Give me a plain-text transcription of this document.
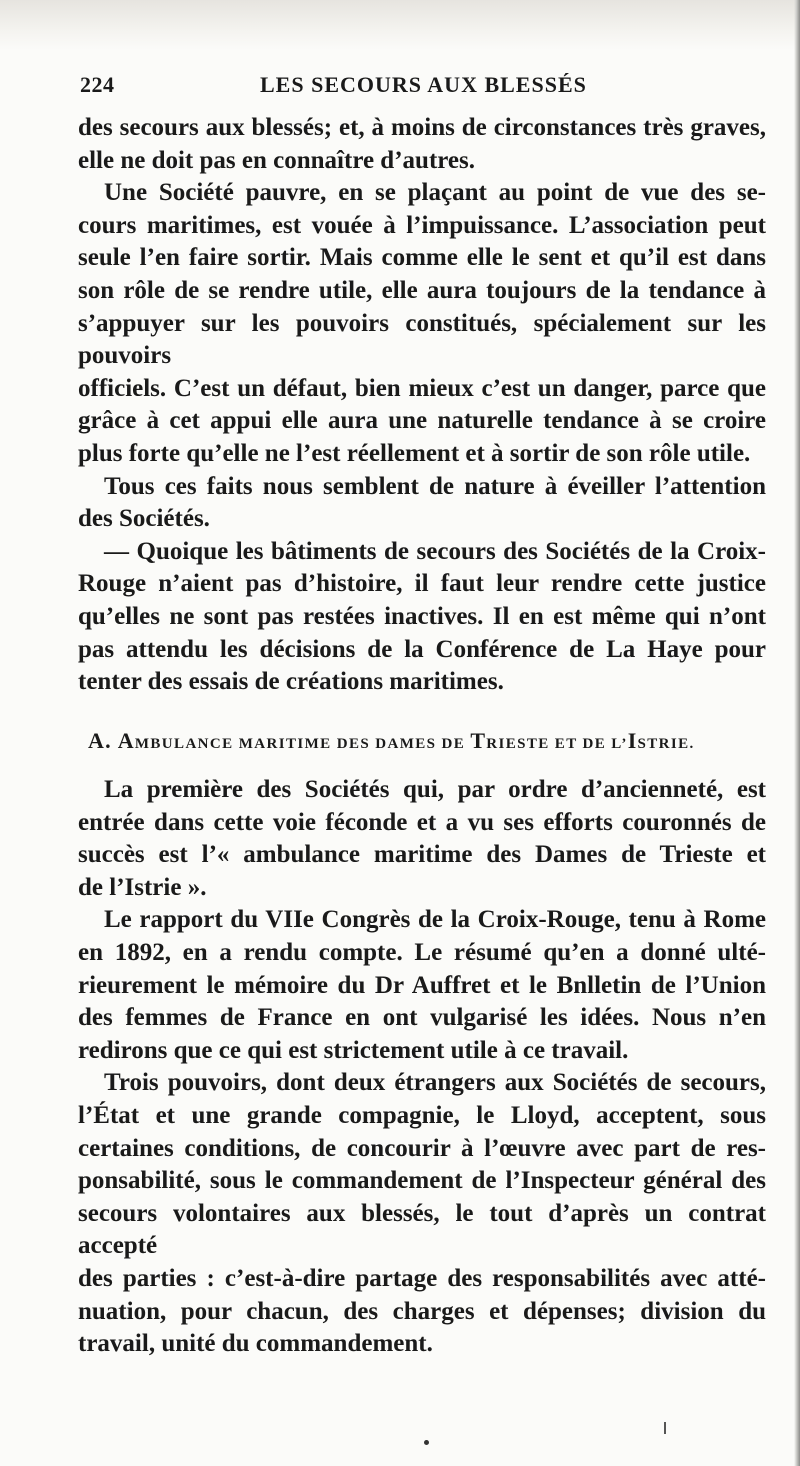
224	LES SECOURS AUX BLESSÉS

des secours aux blessés; et, à moins de circonstances très graves,
elle ne doit pas en connaître d’autres.

Une Société pauvre, en se plaçant au point de vue des se-
cours maritimes, est vouée à l’impuissance. L’association peut
seule l’en faire sortir. Mais comme elle le sent et qu’il est dans
son rôle de se rendre utile, elle aura toujours de la tendance à
s’appuyer sur les pouvoirs constitués, spécialement sur les pouvoirs
officiels. C’est un défaut, bien mieux c’est un danger, parce que
grâce à cet appui elle aura une naturelle tendance à se croire
plus forte qu’elle ne l’est réellement et à sortir de son rôle utile.

Tous ces faits nous semblent de nature à éveiller l’attention
des Sociétés.

— Quoique les bâtiments de secours des Sociétés de la Croix-
Rouge n’aient pas d’histoire, il faut leur rendre cette justice
qu’elles ne sont pas restées inactives. Il en est même qui n’ont
pas attendu les décisions de la Conférence de La Haye pour
tenter des essais de créations maritimes.

A. AMBULANCE MARITIME DES DAMES DE TRIESTE ET DE L’ISTRIE.

La première des Sociétés qui, par ordre d’ancienneté, est
entrée dans cette voie féconde et a vu ses efforts couronnés de
succès est l’« ambulance maritime des Dames de Trieste et
de l’Istrie ».

Le rapport du VIIe Congrès de la Croix-Rouge, tenu à Rome
en 1892, en a rendu compte. Le résumé qu’en a donné ulté-
rieurement le mémoire du Dr Auffret et le Bnlletin de l’Union
des femmes de France en ont vulgarisé les idées. Nous n’en
redirons que ce qui est strictement utile à ce travail.

Trois pouvoirs, dont deux étrangers aux Sociétés de secours,
l’État et une grande compagnie, le Lloyd, acceptent, sous
certaines conditions, de concourir à l’œuvre avec part de res-
ponsabilité, sous le commandement de l’Inspecteur général des
secours volontaires aux blessés, le tout d’après un contrat accepté
des parties : c’est-à-dire partage des responsabilités avec atté-
nuation, pour chacun, des charges et dépenses; division du
travail, unité du commandement.
